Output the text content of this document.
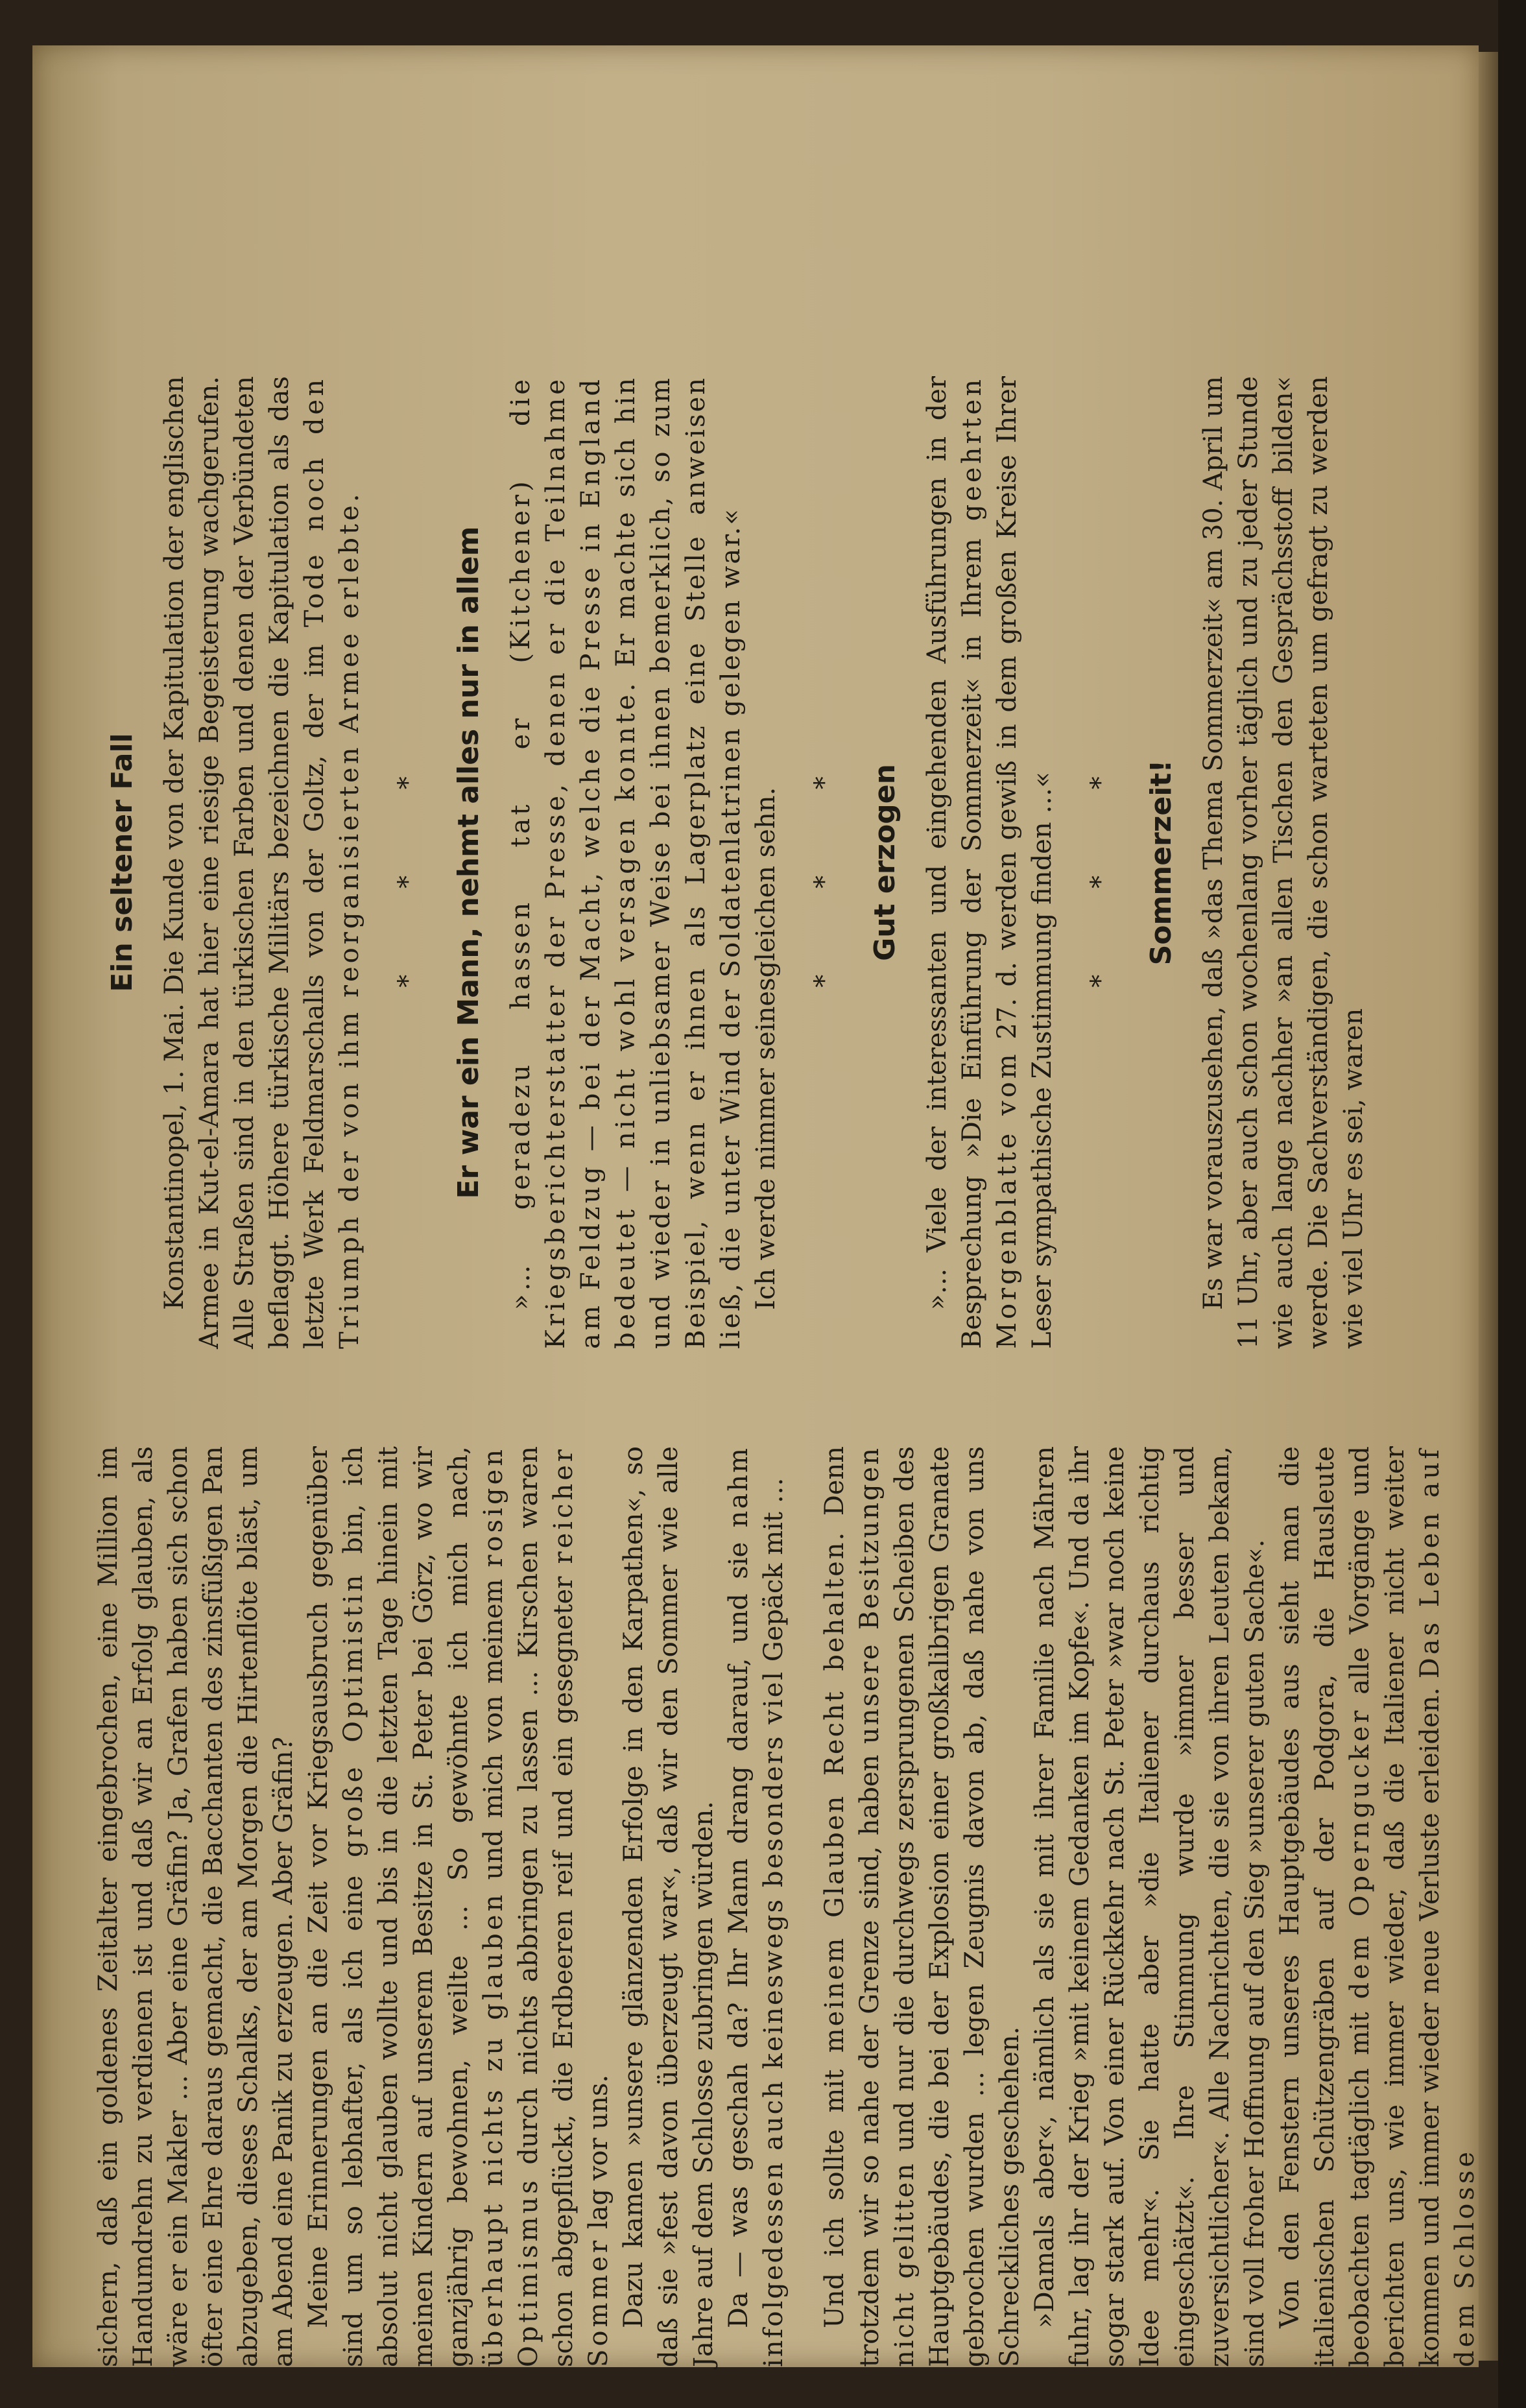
sichern, daß ein goldenes Zeitalter eingebrochen, eine Million im Handumdrehn zu verdienen ist und daß wir an Erfolg glauben, als wäre er ein Makler … Aber eine Gräfin? Ja, Grafen haben sich schon öfter eine Ehre daraus gemacht, die Bacchanten des zinsfüßigen Pan abzugeben, dieses Schalks, der am Morgen die Hirtenflöte bläst, um am Abend eine Panik zu erzeugen. Aber Gräfin? Meine Erinnerungen an die Zeit vor Kriegsausbruch gegenüber sind um so lebhafter, als ich eine große Optimistin bin, ich absolut nicht glauben wollte und bis in die letzten Tage hinein mit meinen Kindern auf unserem Besitze in St. Peter bei Görz, wo wir ganzjährig bewohnen, weilte … So gewöhnte ich mich nach, überhaupt nichts zu glauben und mich von meinem rosigen Optimismus durch nichts abbringen zu lassen … Kirschen waren schon abgepflückt, die Erdbeeren reif und ein gesegneter reicher Sommer lag vor uns. Dazu kamen »unsere glänzenden Erfolge in den Karpathen«, so daß sie »fest davon überzeugt war«, daß wir den Sommer wie alle Jahre auf dem Schlosse zubringen würden. Da — was geschah da? Ihr Mann drang darauf, und sie nahm infolgedessen auch keineswegs besonders viel Gepäck mit …

Und ich sollte mit meinem Glauben Recht behalten. Denn trotzdem wir so nahe der Grenze sind, haben unsere Besitzungen nicht gelitten und nur die durchwegs zersprungenen Scheiben des Hauptgebäudes, die bei der Explosion einer großkalibrigen Granate gebrochen wurden … legen Zeugnis davon ab, daß nahe von uns Schreckliches geschehen. »Damals aber«, nämlich als sie mit ihrer Familie nach Mähren fuhr, lag ihr der Krieg »mit keinem Gedanken im Kopfe«. Und da ihr sogar stark auf. Von einer Rückkehr nach St. Peter »war noch keine Idee mehr«. Sie hatte aber »die Italiener durchaus richtig eingeschätzt«. Ihre Stimmung wurde »immer besser und zuversichtlicher«. Alle Nachrichten, die sie von ihren Leuten bekam, sind voll froher Hoffnung auf den Sieg »unserer guten Sache«. Von den Fenstern unseres Hauptgebäudes aus sieht man die italienischen Schützengräben auf der Podgora, die Hausleute beobachten tagtäglich mit dem Operngucker alle Vorgänge und berichten uns, wie immer wieder, daß die Italiener nicht weiter kommen und immer wieder neue Verluste erleiden. Das Leben auf dem Schlosse

Ein seltener Fall Konstantinopel, 1. Mai. Die Kunde von der Kapitulation der englischen Armee in Kut-el-Amara hat hier eine riesige Begeisterung wachgerufen. Alle Straßen sind in den türkischen Farben und denen der Verbündeten beflaggt. Höhere türkische Militärs bezeichnen die Kapitulation als das letzte Werk Feldmarschalls von der Goltz, der im Tode noch den Triumph der von ihm reorganisierten Armee erlebte. * * * Er war ein Mann, nehmt alles nur in allem »… geradezu hassen tat er (Kitchener) die Kriegsberichterstatter der Presse, denen er die Teilnahme am Feldzug — bei der Macht, welche die Presse in England bedeutet — nicht wohl versagen konnte. Er machte sich hin und wieder in unliebsamer Weise bei ihnen bemerklich, so zum Beispiel, wenn er ihnen als Lagerplatz eine Stelle anweisen ließ, die unter Wind der Soldatenlatrinen gelegen war.« Ich werde nimmer seinesgleichen sehn. * * * Gut erzogen »… Viele der interessanten und eingehenden Ausführungen in der Besprechung »Die Einführung der Sommerzeit« in Ihrem geehrten Morgenblatte vom 27. d. werden gewiß in dem großen Kreise Ihrer Leser sympathische Zustimmung finden …« * * * Sommerzeit! Es war vorauszusehen, daß »das Thema Sommerzeit« am 30. April um 11 Uhr, aber auch schon wochenlang vorher täglich und zu jeder Stunde wie auch lange nachher »an allen Tischen den Gesprächsstoff bilden« werde. Die Sachverständigen, die schon warteten um gefragt zu werden wie viel Uhr es sei, waren
